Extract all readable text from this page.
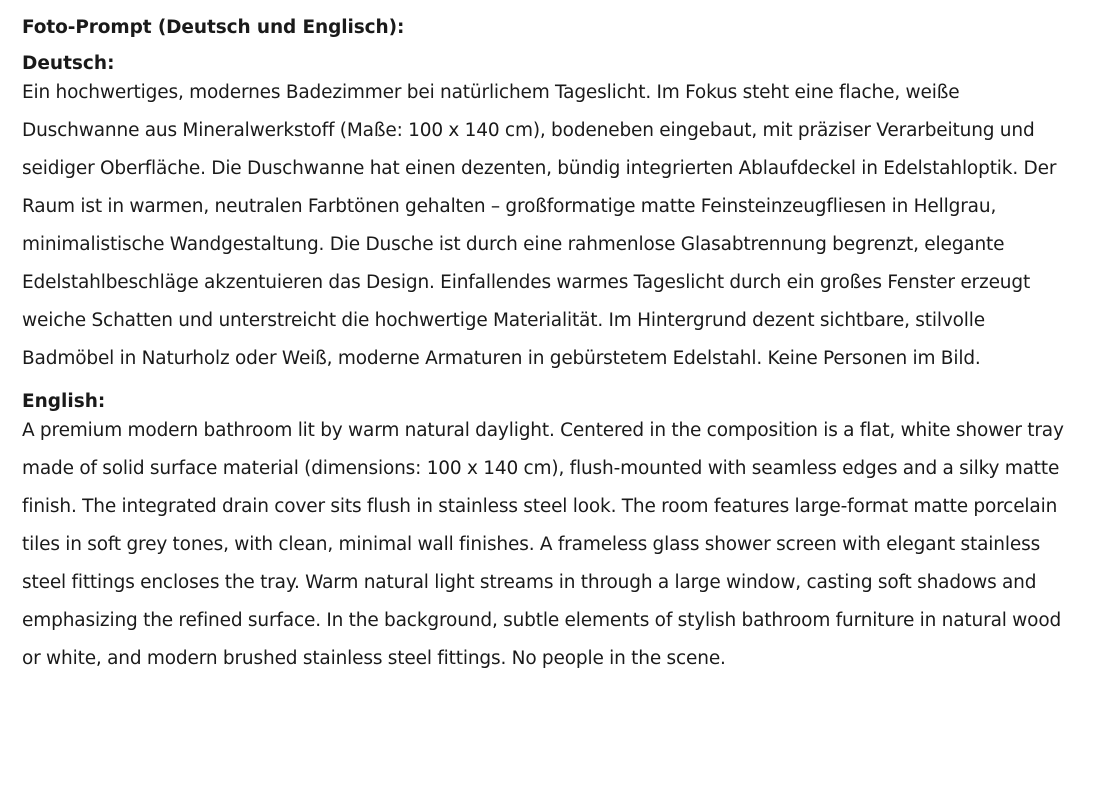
Foto-Prompt (Deutsch und Englisch):

Deutsch:

Ein hochwertiges, modernes Badezimmer bei natürlichem Tageslicht. Im Fokus steht eine flache, weiße Duschwanne aus Mineralwerkstoff (Maße: 100 x 140 cm), bodeneben eingebaut, mit präziser Verarbeitung und seidiger Oberfläche. Die Duschwanne hat einen dezenten, bündig integrierten Ablaufdeckel in Edelstahloptik. Der Raum ist in warmen, neutralen Farbtönen gehalten – großformatige matte Feinsteinzeugfliesen in Hellgrau, minimalistische Wandgestaltung. Die Dusche ist durch eine rahmenlose Glasabtrennung begrenzt, elegante Edelstahlbeschläge akzentuieren das Design. Einfallendes warmes Tageslicht durch ein großes Fenster erzeugt weiche Schatten und unterstreicht die hochwertige Materialität. Im Hintergrund dezent sichtbare, stilvolle Badmöbel in Naturholz oder Weiß, moderne Armaturen in gebürstetem Edelstahl. Keine Personen im Bild.

English:

A premium modern bathroom lit by warm natural daylight. Centered in the composition is a flat, white shower tray made of solid surface material (dimensions: 100 x 140 cm), flush-mounted with seamless edges and a silky matte finish. The integrated drain cover sits flush in stainless steel look. The room features large-format matte porcelain tiles in soft grey tones, with clean, minimal wall finishes. A frameless glass shower screen with elegant stainless steel fittings encloses the tray. Warm natural light streams in through a large window, casting soft shadows and emphasizing the refined surface. In the background, subtle elements of stylish bathroom furniture in natural wood or white, and modern brushed stainless steel fittings. No people in the scene.
